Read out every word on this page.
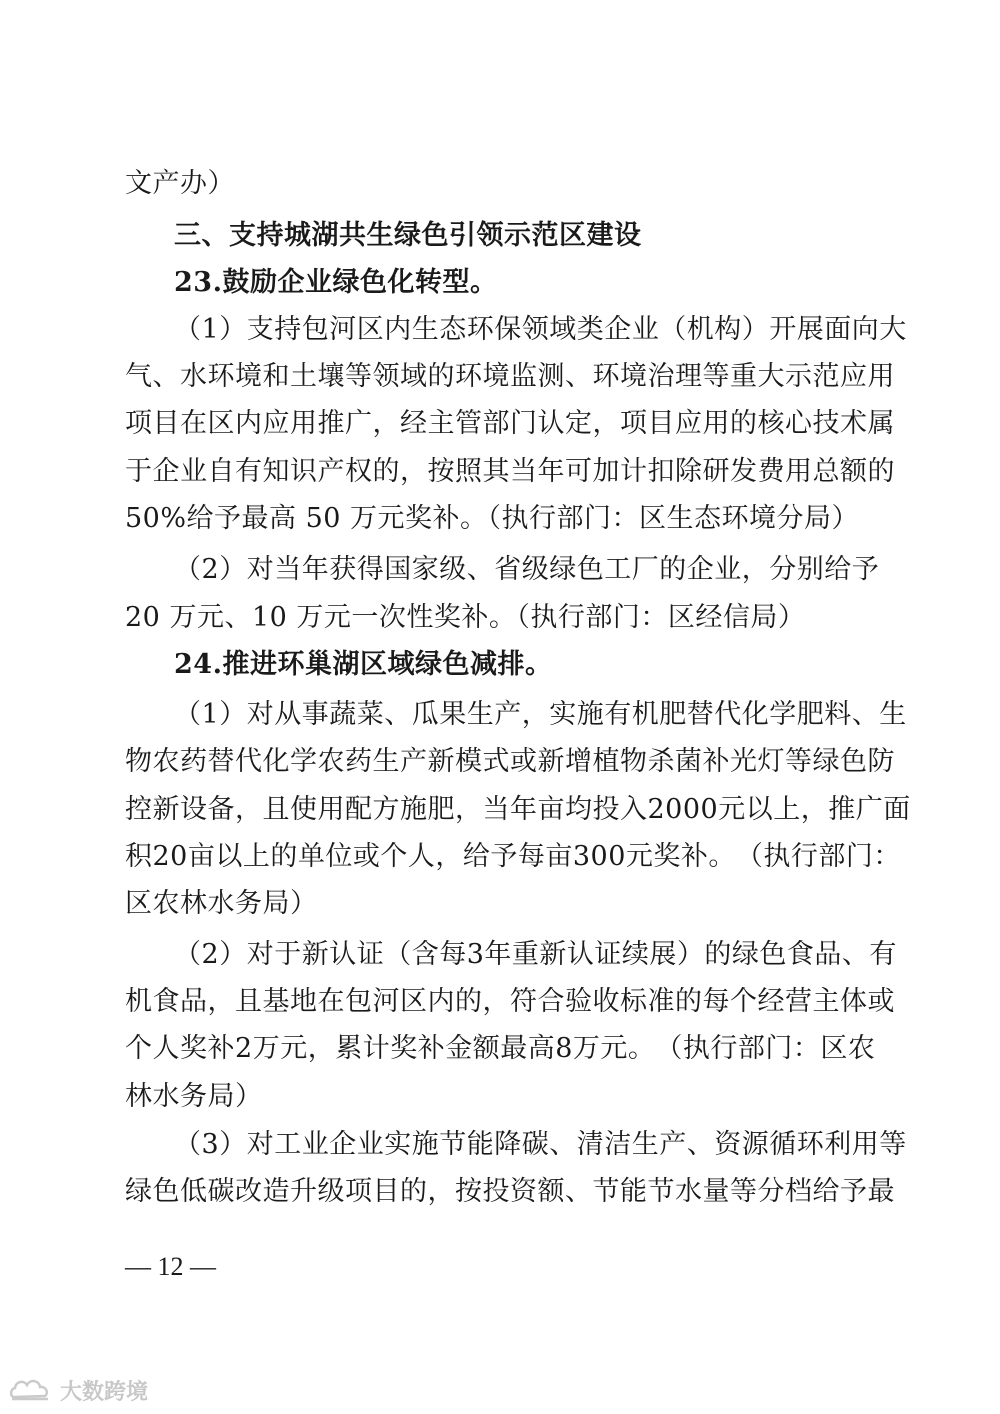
文产办）
三、支持城湖共生绿色引领示范区建设
23.鼓励企业绿色化转型。
（ 1 ） 支 持 包 河 区 内 生 态 环 保 领 域 类 企 业 （ 机 构 ） 开 展 面 向 大
气 、 水 环 境 和 土 壤 等 领 域 的 环 境 监 测 、 环 境 治 理 等 重 大 示 范 应 用
项 目 在 区 内 应 用 推 广 ， 经 主 管 部 门 认 定 ， 项 目 应 用 的 核 心 技 术 属
于 企 业 自 有 知 识 产 权 的 ， 按 照 其 当 年 可 加 计 扣 除 研 发 费 用 总 额 的
50%给予最高 50 万元奖补。（执行部门：区生态环境分局）
（ 2 ） 对 当 年 获 得 国 家 级 、 省 级 绿 色 工 厂 的 企 业 ， 分 别 给 予
20 万元、10 万元一次性奖补。（执行部门：区经信局）
24.推进环巢湖区域绿色减排。
（ 1 ） 对 从 事 蔬 菜 、 瓜 果 生 产 ， 实 施 有 机 肥 替 代 化 学 肥 料 、 生
物 农 药 替 代 化 学 农 药 生 产 新 模 式 或 新 增 植 物 杀 菌 补 光 灯 等 绿 色 防
控 新 设 备 ， 且 使 用 配 方 施 肥 ， 当 年 亩 均 投 入 2000 元 以 上 ， 推 广 面
积 20 亩 以 上 的 单 位 或 个 人 ， 给 予 每 亩 300 元 奖 补 。 （ 执 行 部 门 ：
区农林水务局）
（ 2 ） 对 于 新 认 证 （ 含 每 3 年 重 新 认 证 续 展 ） 的 绿 色 食 品 、 有
机 食 品 ， 且 基 地 在 包 河 区 内 的 ， 符 合 验 收 标 准 的 每 个 经 营 主 体 或
个 人 奖 补 2 万 元 ， 累 计 奖 补 金 额 最 高 8 万 元 。 （ 执 行 部 门 ： 区 农
林水务局）
（ 3 ） 对 工 业 企 业 实 施 节 能 降 碳 、 清 洁 生 产 、 资 源 循 环 利 用 等
绿 色 低 碳 改 造 升 级 项 目 的 ， 按 投 资 额 、 节 能 节 水 量 等 分 档 给 予 最
— 12 —
大数跨境
